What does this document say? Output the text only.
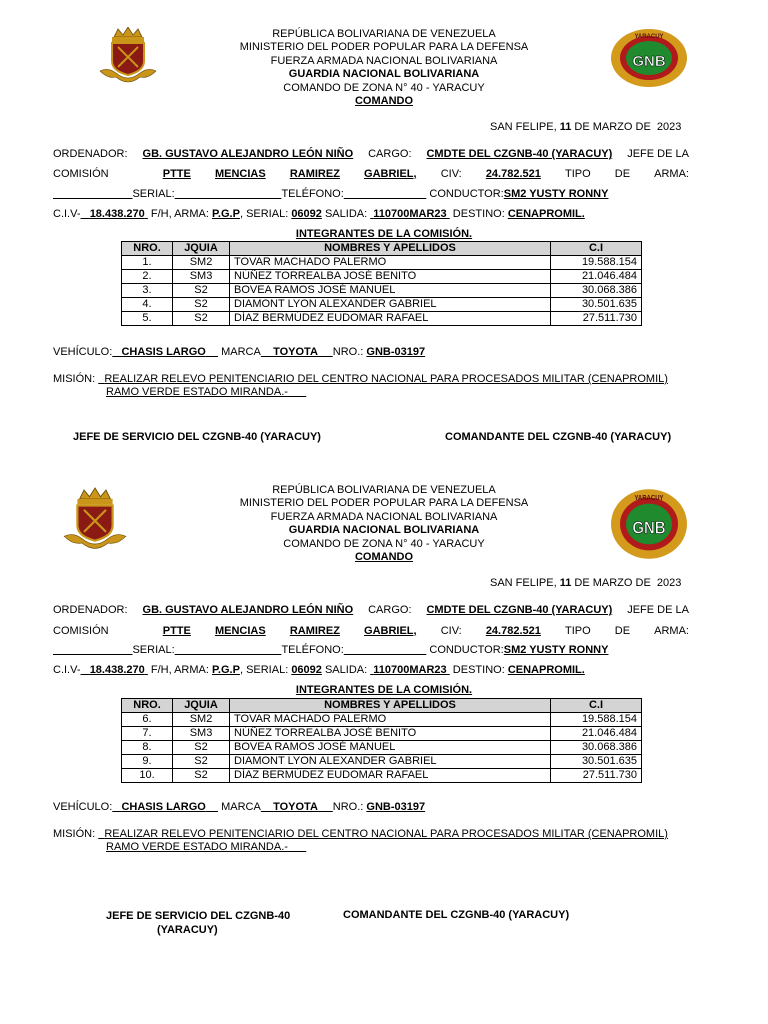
REPÚBLICA BOLIVARIANA DE VENEZUELA
MINISTERIO DEL PODER POPULAR PARA LA DEFENSA
FUERZA ARMADA NACIONAL BOLIVARIANA
GUARDIA NACIONAL BOLIVARIANA
COMANDO DE ZONA N° 40 - YARACUY
COMANDO
YARACUY
GNB
SAN FELIPE, 11 DE MARZO DE  2023
ORDENADOR: GB. GUSTAVO ALEJANDRO LEÓN NIÑO CARGO: CMDTE DEL CZGNB-40 (YARACUY) JEFE DE LA
COMISIÓN	PTTE MENCIAS RAMIREZ GABRIEL, CIV: 24.782.521 TIPO DE ARMA:
SERIAL:	TELÉFONO:	CONDUCTOR:SM2 YUSTY RONNY
C.I.V- 18.438.270 F/H, ARMA: P.G.P, SERIAL: 06092 SALIDA: 110700MAR23 DESTINO: CENAPROMIL.
INTEGRANTES DE LA COMISIÓN.
NRO.	JQUIA	NOMBRES Y APELLIDOS	C.I
1.	SM2	TOVAR MACHADO PALERMO	19.588.154
2.	SM3	NÚÑEZ TORREALBA JOSÉ BENITO	21.046.484
3.	S2	BOVEA RAMOS JOSÉ MANUEL	30.068.386
4.	S2	DIAMONT LYON ALEXANDER GABRIEL	30.501.635
5.	S2	DÍAZ BERMÚDEZ EUDOMAR RAFAEL	27.511.730
VEHÍCULO: CHASIS LARGO MARCA TOYOTA NRO.: GNB-03197
MISIÓN: REALIZAR RELEVO PENITENCIARIO DEL CENTRO NACIONAL PARA PROCESADOS MILITAR (CENAPROMIL)
RAMO VERDE ESTADO MIRANDA.-
JEFE DE SERVICIO DEL CZGNB-40 (YARACUY)	COMANDANTE DEL CZGNB-40 (YARACUY)
REPÚBLICA BOLIVARIANA DE VENEZUELA
MINISTERIO DEL PODER POPULAR PARA LA DEFENSA
FUERZA ARMADA NACIONAL BOLIVARIANA
GUARDIA NACIONAL BOLIVARIANA
COMANDO DE ZONA N° 40 - YARACUY
COMANDO
YARACUY
GNB
SAN FELIPE, 11 DE MARZO DE  2023
ORDENADOR: GB. GUSTAVO ALEJANDRO LEÓN NIÑO CARGO: CMDTE DEL CZGNB-40 (YARACUY) JEFE DE LA
COMISIÓN	PTTE MENCIAS RAMIREZ GABRIEL, CIV: 24.782.521 TIPO DE ARMA:
SERIAL:	TELÉFONO:	CONDUCTOR:SM2 YUSTY RONNY
C.I.V- 18.438.270 F/H, ARMA: P.G.P, SERIAL: 06092 SALIDA: 110700MAR23 DESTINO: CENAPROMIL.
INTEGRANTES DE LA COMISIÓN.
NRO.	JQUIA	NOMBRES Y APELLIDOS	C.I
6.	SM2	TOVAR MACHADO PALERMO	19.588.154
7.	SM3	NÚÑEZ TORREALBA JOSÉ BENITO	21.046.484
8.	S2	BOVEA RAMOS JOSÉ MANUEL	30.068.386
9.	S2	DIAMONT LYON ALEXANDER GABRIEL	30.501.635
10.	S2	DÍAZ BERMÚDEZ EUDOMAR RAFAEL	27.511.730
VEHÍCULO: CHASIS LARGO MARCA TOYOTA NRO.: GNB-03197
MISIÓN: REALIZAR RELEVO PENITENCIARIO DEL CENTRO NACIONAL PARA PROCESADOS MILITAR (CENAPROMIL)
RAMO VERDE ESTADO MIRANDA.-
JEFE DE SERVICIO DEL CZGNB-40
(YARACUY)
COMANDANTE DEL CZGNB-40 (YARACUY)
